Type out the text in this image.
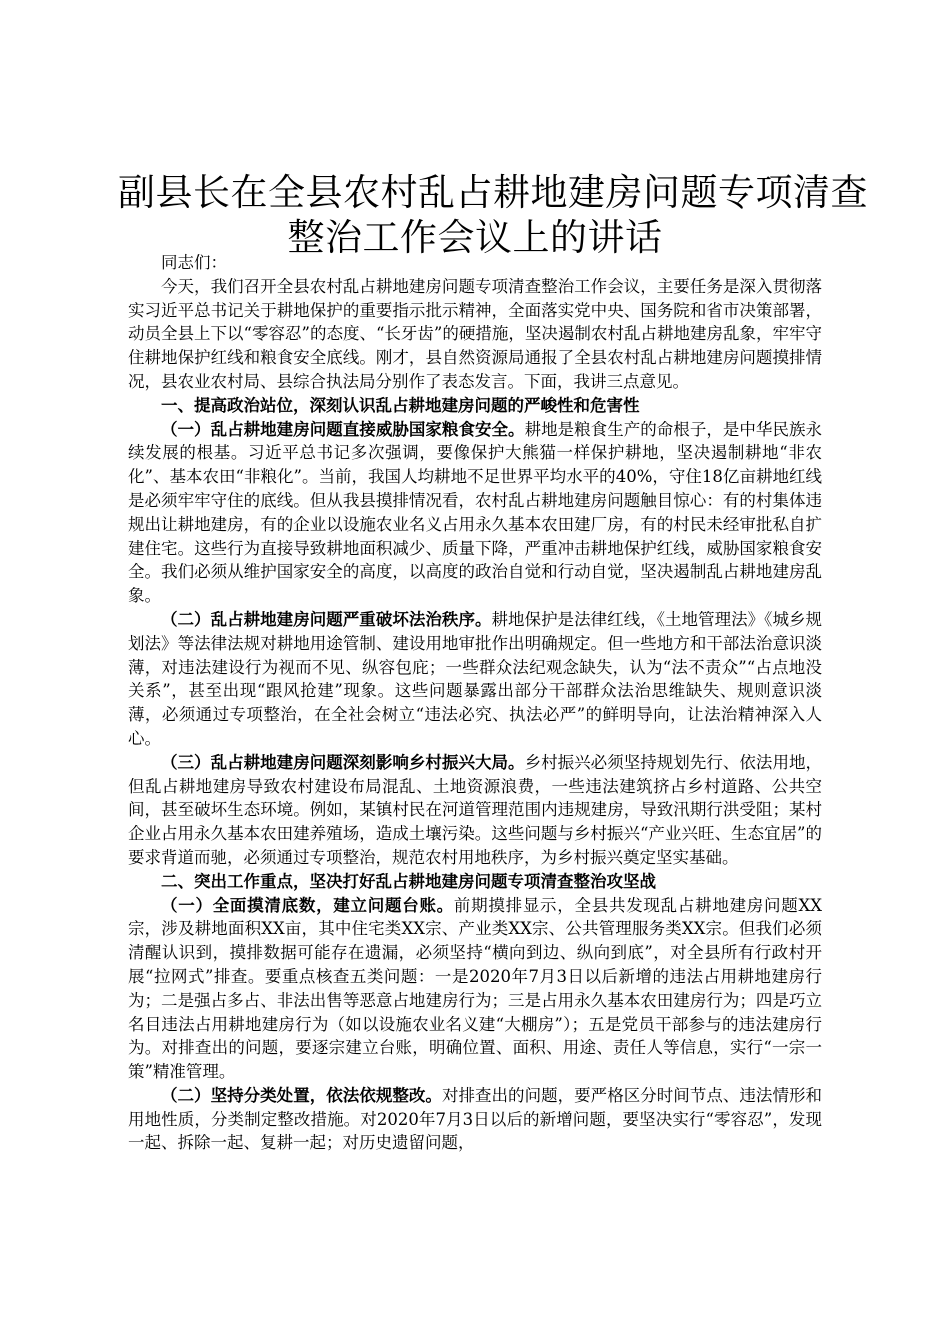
副县长在全县农村乱占耕地建房问题专项清查
整治工作会议上的讲话

同志们：

今天，我们召开全县农村乱占耕地建房问题专项清查整治工作会议，主要任务是深入贯彻落实习近平总书记关于耕地保护的重要指示批示精神，全面落实党中央、国务院和省市决策部署，动员全县上下以“零容忍”的态度、“长牙齿”的硬措施，坚决遏制农村乱占耕地建房乱象，牢牢守住耕地保护红线和粮食安全底线。刚才，县自然资源局通报了全县农村乱占耕地建房问题摸排情况，县农业农村局、县综合执法局分别作了表态发言。下面，我讲三点意见。

一、提高政治站位，深刻认识乱占耕地建房问题的严峻性和危害性

（一）乱占耕地建房问题直接威胁国家粮食安全。耕地是粮食生产的命根子，是中华民族永续发展的根基。习近平总书记多次强调，要像保护大熊猫一样保护耕地，坚决遏制耕地“非农化”、基本农田“非粮化”。当前，我国人均耕地不足世界平均水平的40%，守住18亿亩耕地红线是必须牢牢守住的底线。但从我县摸排情况看，农村乱占耕地建房问题触目惊心：有的村集体违规出让耕地建房，有的企业以设施农业名义占用永久基本农田建厂房，有的村民未经审批私自扩建住宅。这些行为直接导致耕地面积减少、质量下降，严重冲击耕地保护红线，威胁国家粮食安全。我们必须从维护国家安全的高度，以高度的政治自觉和行动自觉，坚决遏制乱占耕地建房乱象。

（二）乱占耕地建房问题严重破坏法治秩序。耕地保护是法律红线，《土地管理法》《城乡规划法》等法律法规对耕地用途管制、建设用地审批作出明确规定。但一些地方和干部法治意识淡薄，对违法建设行为视而不见、纵容包庇；一些群众法纪观念缺失，认为“法不责众”“占点地没关系”，甚至出现“跟风抢建”现象。这些问题暴露出部分干部群众法治思维缺失、规则意识淡薄，必须通过专项整治，在全社会树立“违法必究、执法必严”的鲜明导向，让法治精神深入人心。

（三）乱占耕地建房问题深刻影响乡村振兴大局。乡村振兴必须坚持规划先行、依法用地，但乱占耕地建房导致农村建设布局混乱、土地资源浪费，一些违法建筑挤占乡村道路、公共空间，甚至破坏生态环境。例如，某镇村民在河道管理范围内违规建房，导致汛期行洪受阻；某村企业占用永久基本农田建养殖场，造成土壤污染。这些问题与乡村振兴“产业兴旺、生态宜居”的要求背道而驰，必须通过专项整治，规范农村用地秩序，为乡村振兴奠定坚实基础。

二、突出工作重点，坚决打好乱占耕地建房问题专项清查整治攻坚战

（一）全面摸清底数，建立问题台账。前期摸排显示，全县共发现乱占耕地建房问题XX宗，涉及耕地面积XX亩，其中住宅类XX宗、产业类XX宗、公共管理服务类XX宗。但我们必须清醒认识到，摸排数据可能存在遗漏，必须坚持“横向到边、纵向到底”，对全县所有行政村开展“拉网式”排查。要重点核查五类问题：一是2020年7月3日以后新增的违法占用耕地建房行为；二是强占多占、非法出售等恶意占地建房行为；三是占用永久基本农田建房行为；四是巧立名目违法占用耕地建房行为（如以设施农业名义建“大棚房”）；五是党员干部参与的违法建房行为。对排查出的问题，要逐宗建立台账，明确位置、面积、用途、责任人等信息，实行“一宗一策”精准管理。

（二）坚持分类处置，依法依规整改。对排查出的问题，要严格区分时间节点、违法情形和用地性质，分类制定整改措施。对2020年7月3日以后的新增问题，要坚决实行“零容忍”，发现一起、拆除一起、复耕一起；对历史遗留问题，
